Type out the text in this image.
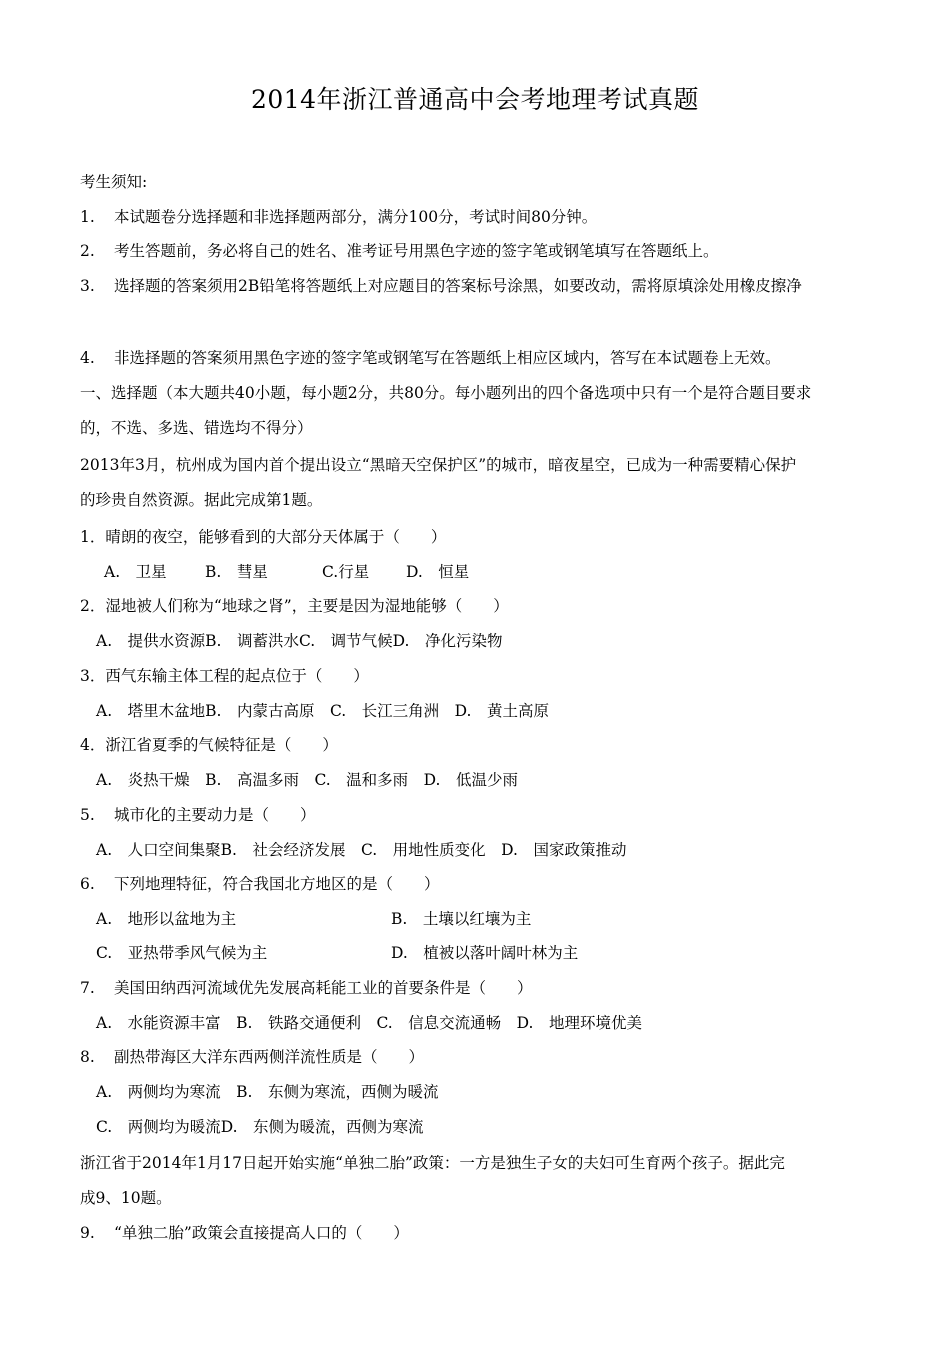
2014年浙江普通高中会考地理考试真题
考生须知:
1. 本试题卷分选择题和非选择题两部分，满分100分，考试时间80分钟。
2. 考生答题前，务必将自己的姓名、准考证号用黑色字迹的签字笔或钢笔填写在答题纸上。
3. 选择题的答案须用2B铅笔将答题纸上对应题目的答案标号涂黑，如要改动，需将原填涂处用橡皮擦净
4. 非选择题的答案须用黑色字迹的签字笔或钢笔写在答题纸上相应区域内，答写在本试题卷上无效。
一、选择题（本大题共40小题，每小题2分，共80分。每小题列出的四个备选项中只有一个是符合题目要求
的，不选、多选、错选均不得分）
2013年3月，杭州成为国内首个提出设立“黑暗天空保护区”的城市，暗夜星空，已成为一种需要精心保护
的珍贵自然资源。据此完成第1题。
1．晴朗的夜空，能够看到的大部分天体属于（　　）
A.　卫星 B.　彗星	C.行星 D.　恒星
2．湿地被人们称为“地球之肾”，主要是因为湿地能够（　　）
A.　提供水资源B.　调蓄洪水C.　调节气候D.　净化污染物
3．西气东输主体工程的起点位于（　　）
A.　塔里木盆地B.　内蒙古高原　C.　长江三角洲　D.　黄土高原
4．浙江省夏季的气候特征是（　　）
A.　炎热干燥　B.　高温多雨　C.　温和多雨　D.　低温少雨
5. 城市化的主要动力是（　　）
A.　人口空间集聚B.　社会经济发展　C.　用地性质变化　D.　国家政策推动
6. 下列地理特征，符合我国北方地区的是（　　）
A.　地形以盆地为主	B.　土壤以红壤为主
C.　亚热带季风气候为主	D.　植被以落叶阔叶林为主
7. 美国田纳西河流域优先发展高耗能工业的首要条件是（　　）
A.　水能资源丰富　B.　铁路交通便利　C.　信息交流通畅　D.　地理环境优美
8. 副热带海区大洋东西两侧洋流性质是（　　）
A.　两侧均为寒流　B.　东侧为寒流，西侧为暖流
C.　两侧均为暖流D.　东侧为暖流，西侧为寒流
浙江省于2014年1月17日起开始实施“单独二胎”政策：一方是独生子女的夫妇可生育两个孩子。据此完
成9、10题。
9. “单独二胎”政策会直接提高人口的（　　）
